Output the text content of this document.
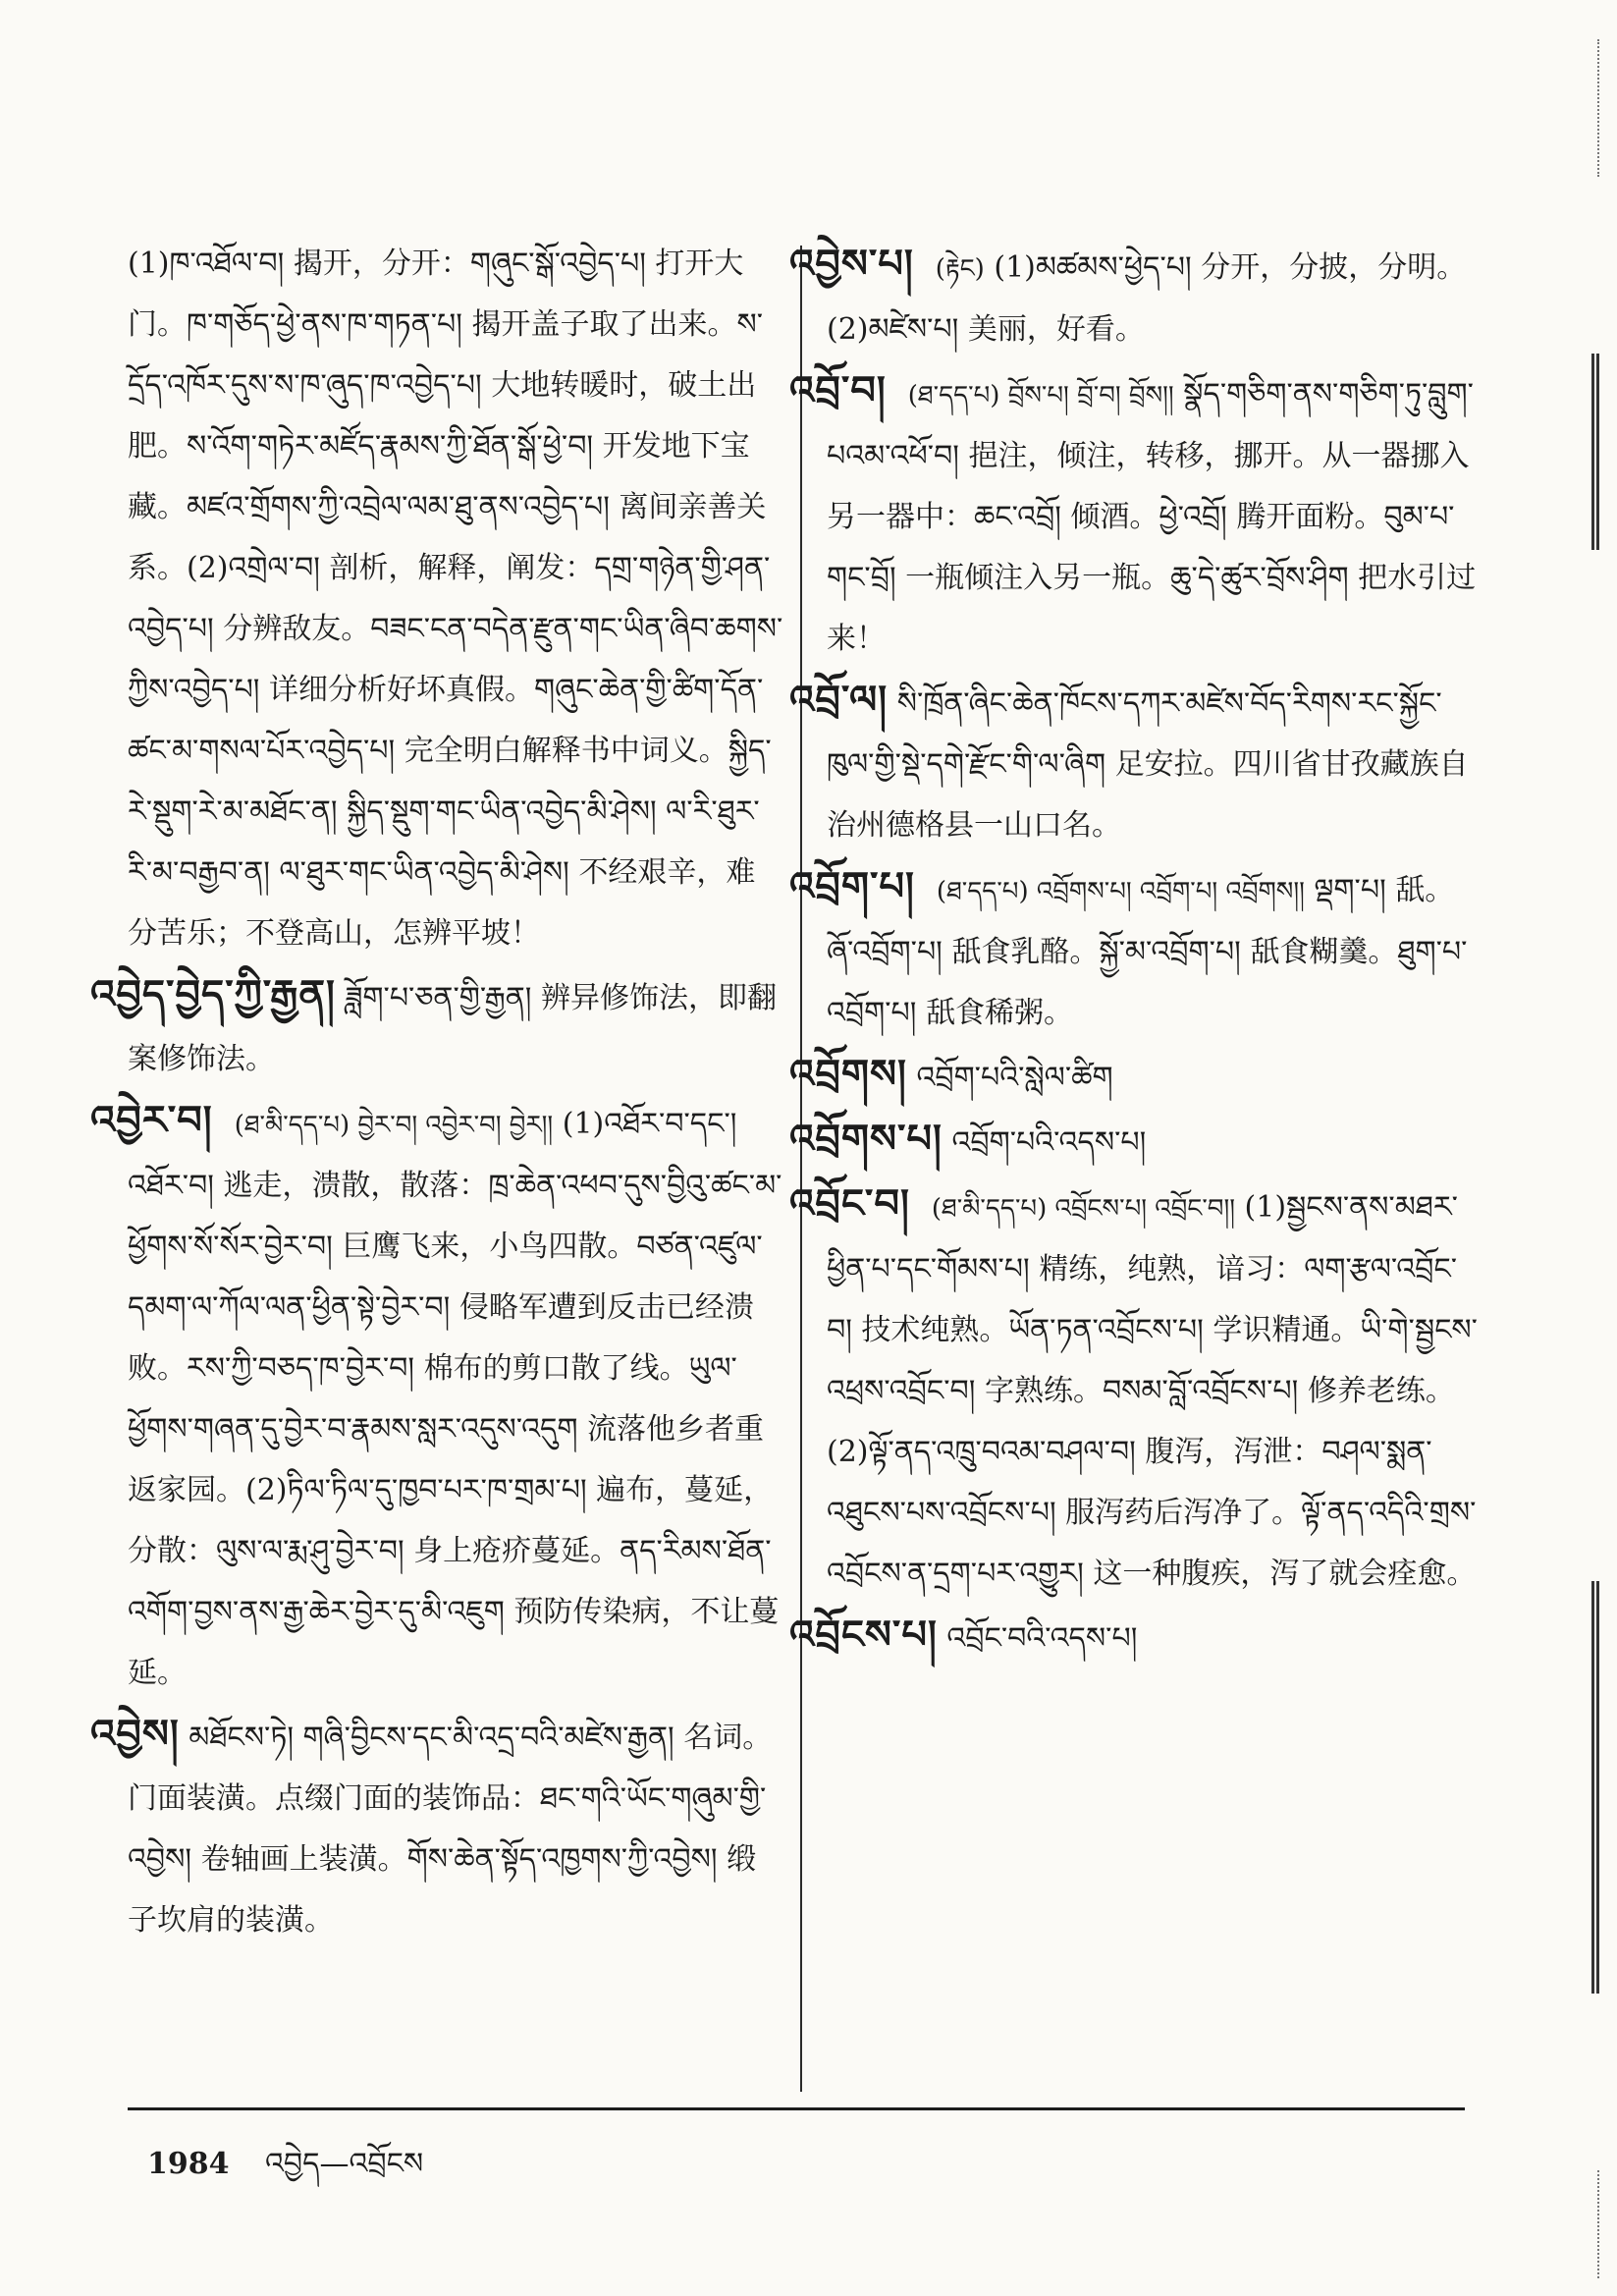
(1)ཁ་འཐོལ་བ། 揭开，分开：གཞུང་སྒོ་འབྱེད་པ། 打开大门。ཁ་གཅོད་ཕྱེ་ནས་ཁ་གཏན་པ། 揭开盖子取了出来。ས་དྲོད་འཁོར་དུས་ས་ཁ་ཞུད་ཁ་འབྱེད་པ། 大地转暖时，破土出肥。ས་འོག་གཏེར་མཛོད་རྣམས་ཀྱི་ཐོན་སྒོ་ཕྱེ་བ། 开发地下宝藏。མཛའ་གྲོགས་ཀྱི་འབྲེལ་ལམ་ཐུ་ནས་འབྱེད་པ། 离间亲善关系。(2)འགྲེལ་བ། 剖析，解释，阐发：དགྲ་གཉེན་གྱི་ཤན་འབྱེད་པ། 分辨敌友。བཟང་ངན་བདེན་རྫུན་གང་ཡིན་ཞིབ་ཆགས་ཀྱིས་འབྱེད་པ། 详细分析好坏真假。གཞུང་ཆེན་གྱི་ཚིག་དོན་ཚང་མ་གསལ་པོར་འབྱེད་པ། 完全明白解释书中词义。སྐྱིད་རེ་སྡུག་རེ་མ་མཐོང་ན། སྐྱིད་སྡུག་གང་ཡིན་འབྱེད་མི་ཤེས། ལ་རི་ཐུར་རི་མ་བརྒྱབ་ན། ལ་ཐུར་གང་ཡིན་འབྱེད་མི་ཤེས། 不经艰辛，难分苦乐；不登高山，怎辨平坡！

འབྱེད་བྱེད་ཀྱི་རྒྱན། ཟློག་པ་ཅན་གྱི་རྒྱན། 辨异修饰法，即翻案修饰法。

འབྱེར་བ། (ཐ་མི་དད་པ) བྱེར་བ། འབྱེར་བ། བྱེར།། (1)འཐོར་བ་དང་། འཐོར་བ། 逃走，溃散，散落：ཁྲ་ཆེན་འཕབ་དུས་བྱིའུ་ཚང་མ་ཕྱོགས་སོ་སོར་བྱེར་བ། 巨鹰飞来，小鸟四散。བཙན་འཛུལ་དམག་ལ་ཀོལ་ལན་ཕྱིན་སྟེ་བྱེར་བ། 侵略军遭到反击已经溃败。རས་ཀྱི་བཅད་ཁ་བྱེར་བ། 棉布的剪口散了线。ཡུལ་ཕྱོགས་གཞན་དུ་བྱེར་བ་རྣམས་སླར་འདུས་འདུག 流落他乡者重返家园。(2)ཏིལ་ཏིལ་དུ་ཁྱབ་པར་ཁ་གྲམ་པ། 遍布，蔓延，分散：ལུས་ལ་རྨ་ཤུ་བྱེར་བ། 身上疮疥蔓延。ནད་རིམས་ཐོན་འགོག་བྱས་ནས་རྒྱ་ཆེར་བྱེར་དུ་མི་འཇུག 预防传染病，不让蔓延。

འབྱེས། མཐོངས་ཏེ། གཞི་བྱིངས་དང་མི་འདྲ་བའི་མཛེས་རྒྱན། 名词。门面装潢。点缀门面的装饰品：ཐང་གའི་ཡོང་གཞུམ་གྱི་འབྱེས། 卷轴画上装潢。གོས་ཆེན་སྟོད་འཁྱགས་ཀྱི་འབྱེས། 缎子坎肩的装潢。

འབྱེས་པ། (རྟེང) (1)མཚམས་ཕྱེད་པ། 分开，分披，分明。(2)མཛེས་པ། 美丽，好看。

འབྲོ་བ། (ཐ་དད་པ) བྲོས་པ། བྲོ་བ། བྲོས།། སྣོད་གཅིག་ནས་གཅིག་ཏུ་བླུག་པའམ་འཕོ་བ། 挹注，倾注，转移，挪开。从一器挪入另一器中：ཆང་འབྲོ། 倾酒。ཕྱེ་འབྲོ། 腾开面粉。བུམ་པ་གང་བྲོ། 一瓶倾注入另一瓶。ཆུ་དེ་ཚུར་བྲོས་ཤིག 把水引过来！

འབྲོ་ལ། སི་ཁྲོན་ཞིང་ཆེན་ཁོངས་དཀར་མཛེས་བོད་རིགས་རང་སྐྱོང་ཁུལ་གྱི་སྡེ་དགེ་རྫོང་གི་ལ་ཞིག 足安拉。四川省甘孜藏族自治州德格县一山口名。

འབྲོག་པ། (ཐ་དད་པ) འབྲོགས་པ། འབྲོག་པ། འབྲོགས།། ལྡག་པ། 舐。ཞོ་འབྲོག་པ། 舐食乳酪。སྐྱོ་མ་འབྲོག་པ། 舐食糊羹。ཐུག་པ་འབྲོག་པ། 舐食稀粥。

འབྲོགས། འབྲོག་པའི་སླེལ་ཚིག

འབྲོགས་པ། འབྲོག་པའི་འདས་པ།

འབྲོང་བ། (ཐ་མི་དད་པ) འབྲོངས་པ། འབྲོང་བ།། (1)སྦྱངས་ནས་མཐར་ཕྱིན་པ་དང་གོམས་པ། 精练，纯熟，谙习：ལག་རྩལ་འབྲོང་བ། 技术纯熟。ཡོན་ཏན་འབྲོངས་པ། 学识精通。ཡི་གེ་སྦྱངས་འཕྲས་འབྲོང་བ། 字熟练。བསམ་བློ་འབྲོངས་པ། 修养老练。(2)ལྟོ་ནད་འཁྲུ་བའམ་བཤལ་བ། 腹泻，泻泄：བཤལ་སྨན་འཐུངས་པས་འབྲོངས་པ། 服泻药后泻净了。ལྟོ་ནད་འདིའི་གྲས་འབྲོངས་ན་དྲག་པར་འགྱུར། 这一种腹疾，泻了就会痊愈。

འབྲོངས་པ། འབྲོང་བའི་འདས་པ།

1984 འབྱེད—འབྲོངས
